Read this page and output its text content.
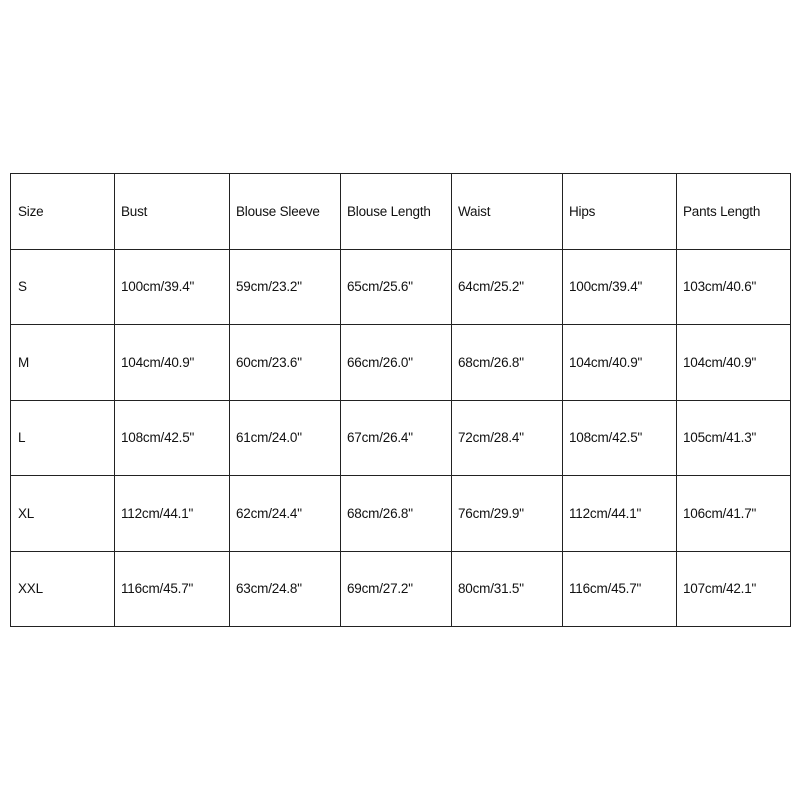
Size	Bust	Blouse Sleeve	Blouse Length	Waist	Hips	Pants Length
S	100cm/39.4"	59cm/23.2"	65cm/25.6"	64cm/25.2"	100cm/39.4"	103cm/40.6"
M	104cm/40.9"	60cm/23.6"	66cm/26.0"	68cm/26.8"	104cm/40.9"	104cm/40.9"
L	108cm/42.5"	61cm/24.0"	67cm/26.4"	72cm/28.4"	108cm/42.5"	105cm/41.3"
XL	112cm/44.1"	62cm/24.4"	68cm/26.8"	76cm/29.9"	112cm/44.1"	106cm/41.7"
XXL	116cm/45.7"	63cm/24.8"	69cm/27.2"	80cm/31.5"	116cm/45.7"	107cm/42.1"
